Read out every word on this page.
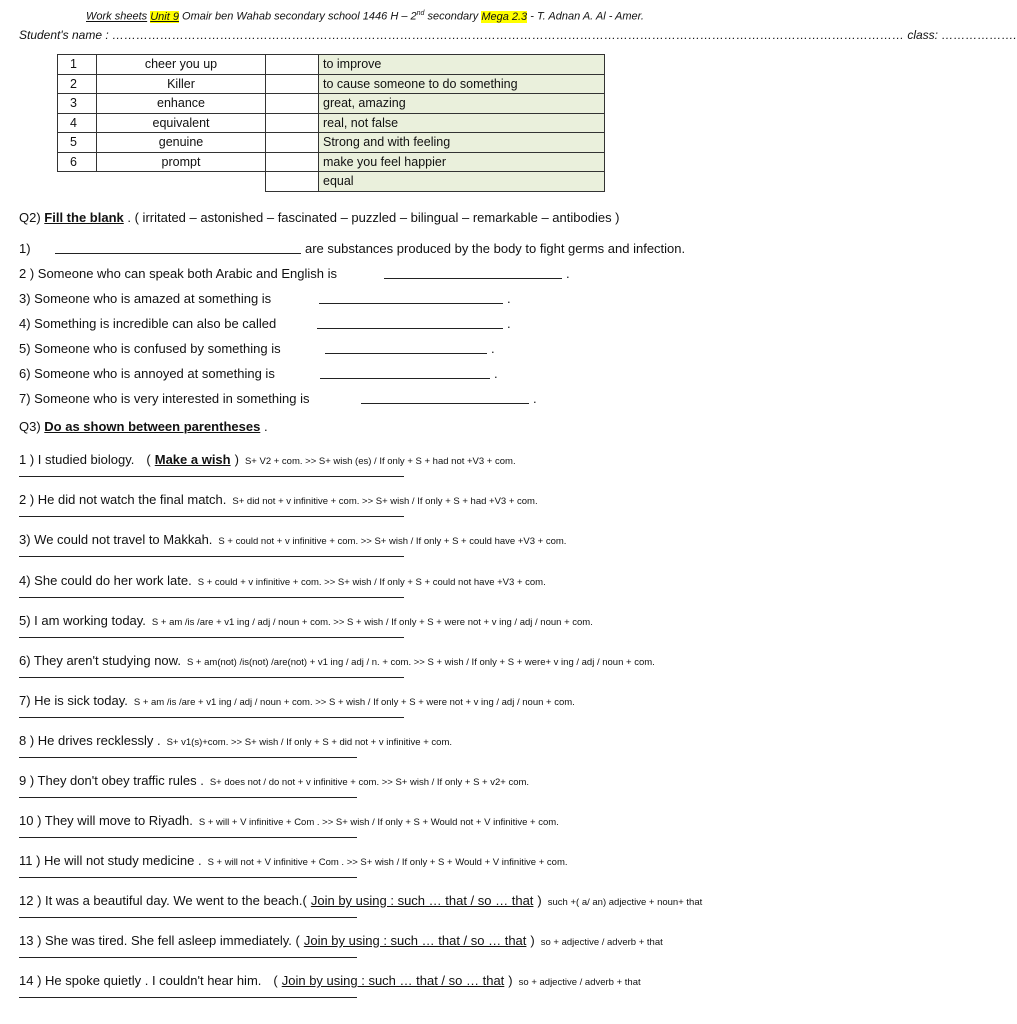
Work sheets Unit 9 Omair ben Wahab secondary school 1446 H – 2nd secondary Mega 2.3 - T. Adnan A. Al - Amer.
Student's name : ……………………………………………………………………………………………………………………………………………………………………………… class: ……………….
1	cheer you up		to improve
2	Killer		to cause someone to do something
3	enhance		great, amazing
4	equivalent		real, not false
5	genuine		Strong and with feeling
6	prompt		make you feel happier
			equal
Q2) Fill the blank . ( irritated – astonished – fascinated – puzzled – bilingual – remarkable – antibodies )
1)	are substances produced by the body to fight germs and infection.
2 ) Someone who can speak both Arabic and English is	.
3) Someone who is amazed at something is	.
4) Something is incredible can also be called	.
5) Someone who is confused by something is	.
6) Someone who is annoyed at something is	.
7) Someone who is very interested in something is	.
Q3) Do as shown between parentheses .
1 ) I studied biology. ( Make a wish ) S+ V2 + com. >> S+ wish (es) / If only + S + had not +V3 + com.
2 ) He did not watch the final match. S+ did not + v infinitive + com. >> S+ wish / If only + S + had +V3 + com.
3) We could not travel to Makkah. S + could not + v infinitive + com. >> S+ wish / If only + S + could have +V3 + com.
4) She could do her work late. S + could + v infinitive + com. >> S+ wish / If only + S + could not have +V3 + com.
5) I am working today. S + am /is /are + v1 ing / adj / noun + com. >> S + wish / If only + S + were not + v ing / adj / noun + com.
6) They aren't studying now. S + am(not) /is(not) /are(not) + v1 ing / adj / n. + com. >> S + wish / If only + S + were+ v ing / adj / noun + com.
7) He is sick today. S + am /is /are + v1 ing / adj / noun + com. >> S + wish / If only + S + were not + v ing / adj / noun + com.
8 ) He drives recklessly . S+ v1(s)+com. >> S+ wish / If only + S + did not + v infinitive + com.
9 ) They don't obey traffic rules . S+ does not / do not + v infinitive + com. >> S+ wish / If only + S + v2+ com.
10 ) They will move to Riyadh. S + will + V infinitive + Com . >> S+ wish / If only + S + Would not + V infinitive + com.
11 ) He will not study medicine . S + will not + V infinitive + Com . >> S+ wish / If only + S + Would + V infinitive + com.
12 ) It was a beautiful day. We went to the beach.( Join by using : such … that / so … that ) such +( a/ an) adjective + noun+ that
13 ) She was tired. She fell asleep immediately. ( Join by using : such … that / so … that ) so + adjective / adverb + that
14 ) He spoke quietly . I couldn't hear him. ( Join by using : such … that / so … that ) so + adjective / adverb + that
